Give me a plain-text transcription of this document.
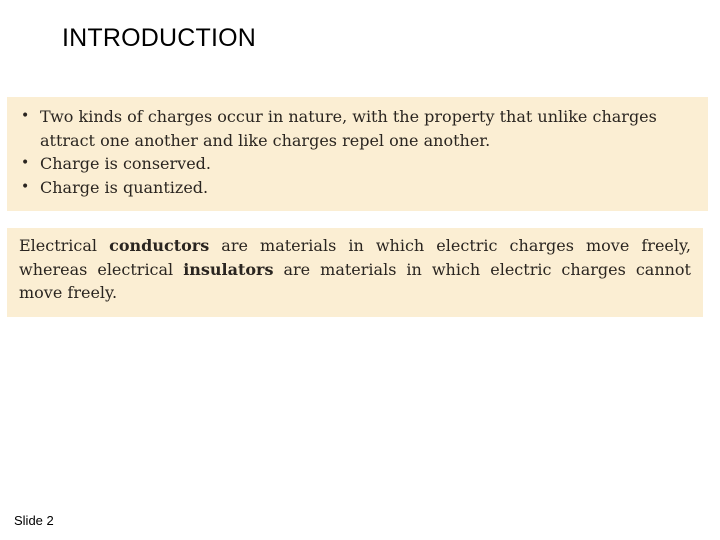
INTRODUCTION
• Two kinds of charges occur in nature, with the property that unlike charges attract one another and like charges repel one another.
• Charge is conserved.
• Charge is quantized.

Electrical conductors are materials in which electric charges move freely, whereas electrical insulators are materials in which electric charges cannot move freely.

Slide 2
